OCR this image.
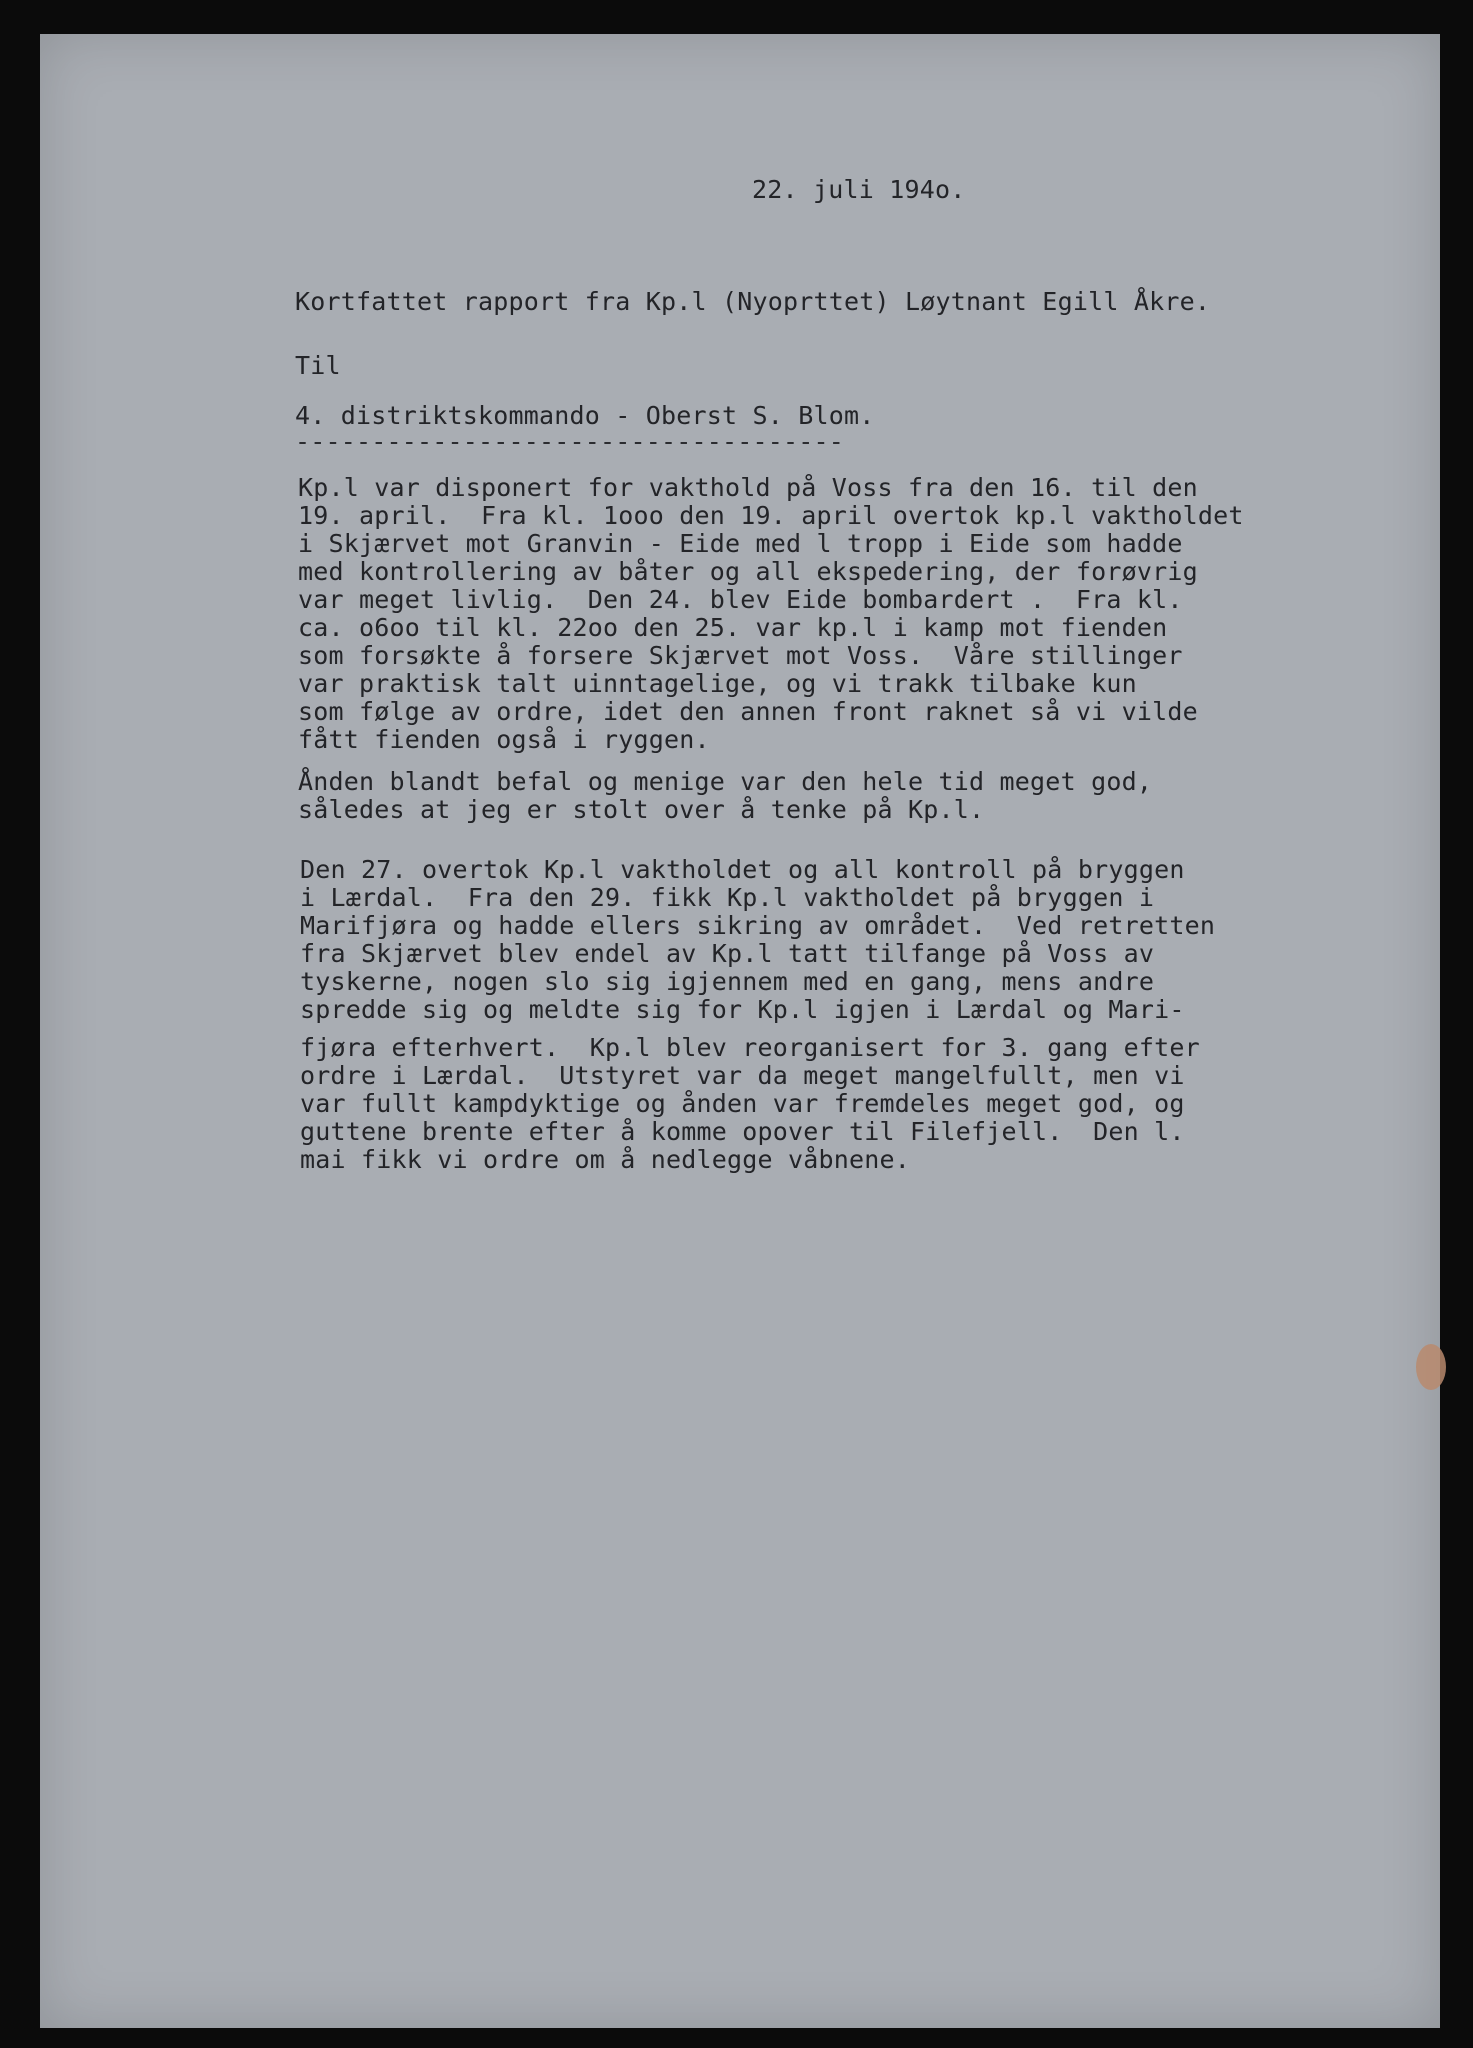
22. juli 194o.

Kortfattet rapport fra Kp.l (Nyoprttet) Løytnant Egill Åkre.

Til

4. distriktskommando - Oberst S. Blom.

------------------------------------

Kp.l var disponert for vakthold på Voss fra den 16. til den
19. april.  Fra kl. 1ooo den 19. april overtok kp.l vaktholdet
i Skjærvet mot Granvin - Eide med l tropp i Eide som hadde
med kontrollering av båter og all ekspedering, der forøvrig
var meget livlig.  Den 24. blev Eide bombardert .  Fra kl.
ca. o6oo til kl. 22oo den 25. var kp.l i kamp mot fienden
som forsøkte å forsere Skjærvet mot Voss.  Våre stillinger
var praktisk talt uinntagelige, og vi trakk tilbake kun
som følge av ordre, idet den annen front raknet så vi vilde
fått fienden også i ryggen.

Ånden blandt befal og menige var den hele tid meget god,
således at jeg er stolt over å tenke på Kp.l.

Den 27. overtok Kp.l vaktholdet og all kontroll på bryggen
i Lærdal.  Fra den 29. fikk Kp.l vaktholdet på bryggen i
Marifjøra og hadde ellers sikring av området.  Ved retretten
fra Skjærvet blev endel av Kp.l tatt tilfange på Voss av
tyskerne, nogen slo sig igjennem med en gang, mens andre
spredde sig og meldte sig for Kp.l igjen i Lærdal og Mari-

fjøra efterhvert.  Kp.l blev reorganisert for 3. gang efter
ordre i Lærdal.  Utstyret var da meget mangelfullt, men vi
var fullt kampdyktige og ånden var fremdeles meget god, og
guttene brente efter å komme opover til Filefjell.  Den l.
mai fikk vi ordre om å nedlegge våbnene.
